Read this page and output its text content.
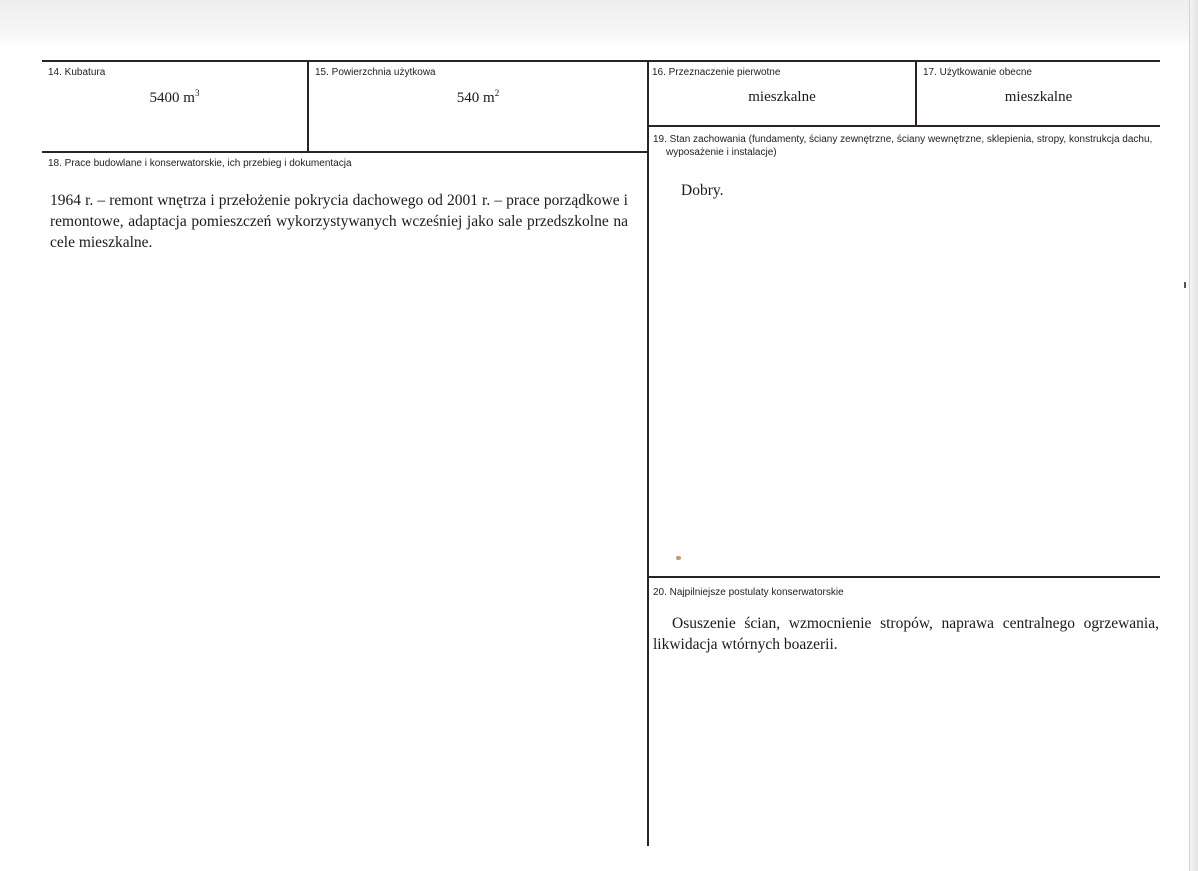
14. Kubatura
5400 $m^3$
15. Powierzchnia użytkowa
540 $m^2$
16. Przeznaczenie pierwotne
mieszkalne
17. Użytkowanie obecne
mieszkalne
18. Prace budowlane i konserwatorskie, ich przebieg i dokumentacja
1964 r. – remont wnętrza i przełożenie pokrycia dachowego od 2001 r. – prace porządkowe i remontowe, adaptacja pomieszczeń wykorzystywanych wcześniej jako sale przedszkolne na cele mieszkalne.
19. Stan zachowania (fundamenty, ściany zewnętrzne, ściany wewnętrzne, sklepienia, stropy, konstrukcja dachu, wyposażenie i instalacje)
Dobry.
20. Najpilniejsze postulaty konserwatorskie
Osuszenie ścian, wzmocnienie stropów, naprawa centralnego ogrzewania, likwidacja wtórnych boazerii.
